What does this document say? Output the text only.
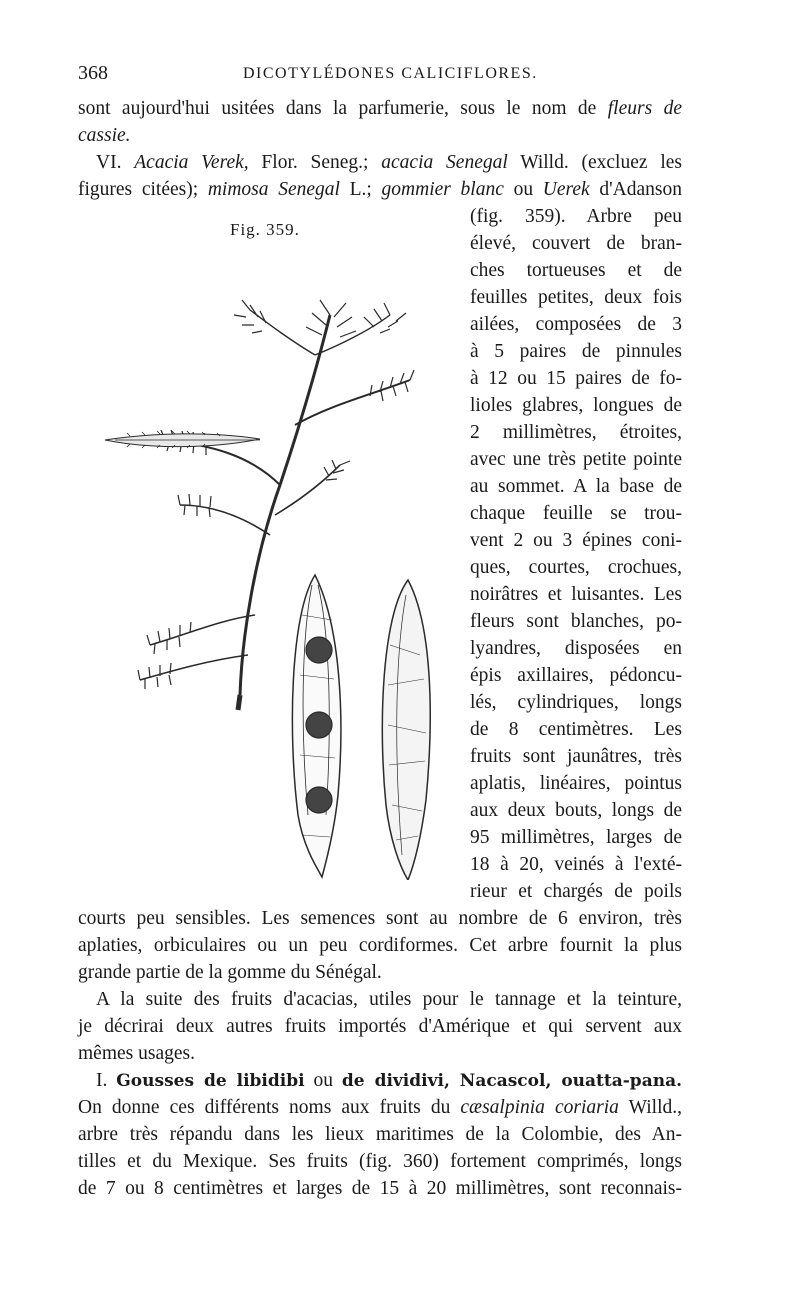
368	DICOTYLÉDONES CALICIFLORES.
sont aujourd'hui usitées dans la parfumerie, sous le nom de fleurs de
cassie.
VI. Acacia Verek, Flor. Seneg.; acacia Senegal Willd. (excluez les
figures citées); mimosa Senegal L.; gommier blanc ou Uerek d'Adanson
Fig. 359.
(fig. 359). Arbre peu
élevé, couvert de bran-
ches tortueuses et de
feuilles petites, deux fois
ailées, composées de 3
à 5 paires de pinnules
à 12 ou 15 paires de fo-
lioles glabres, longues de
2 millimètres, étroites,
avec une très petite pointe
au sommet. A la base de
chaque feuille se trou-
vent 2 ou 3 épines coni-
ques, courtes, crochues,
noirâtres et luisantes. Les
fleurs sont blanches, po-
lyandres, disposées en
épis axillaires, pédoncu-
lés, cylindriques, longs
de 8 centimètres. Les
fruits sont jaunâtres, très
aplatis, linéaires, pointus
aux deux bouts, longs de
95 millimètres, larges de
18 à 20, veinés à l'exté-
rieur et chargés de poils
courts peu sensibles. Les semences sont au nombre de 6 environ, très
aplaties, orbiculaires ou un peu cordiformes. Cet arbre fournit la plus
grande partie de la gomme du Sénégal.
A la suite des fruits d'acacias, utiles pour le tannage et la teinture,
je décrirai deux autres fruits importés d'Amérique et qui servent aux
mêmes usages.
I. Gousses de libidibi ou de dividivi, Nacascol, ouatta-pana.
On donne ces différents noms aux fruits du cæsalpinia coriaria Willd.,
arbre très répandu dans les lieux maritimes de la Colombie, des An-
tilles et du Mexique. Ses fruits (fig. 360) fortement comprimés, longs
de 7 ou 8 centimètres et larges de 15 à 20 millimètres, sont reconnais-
